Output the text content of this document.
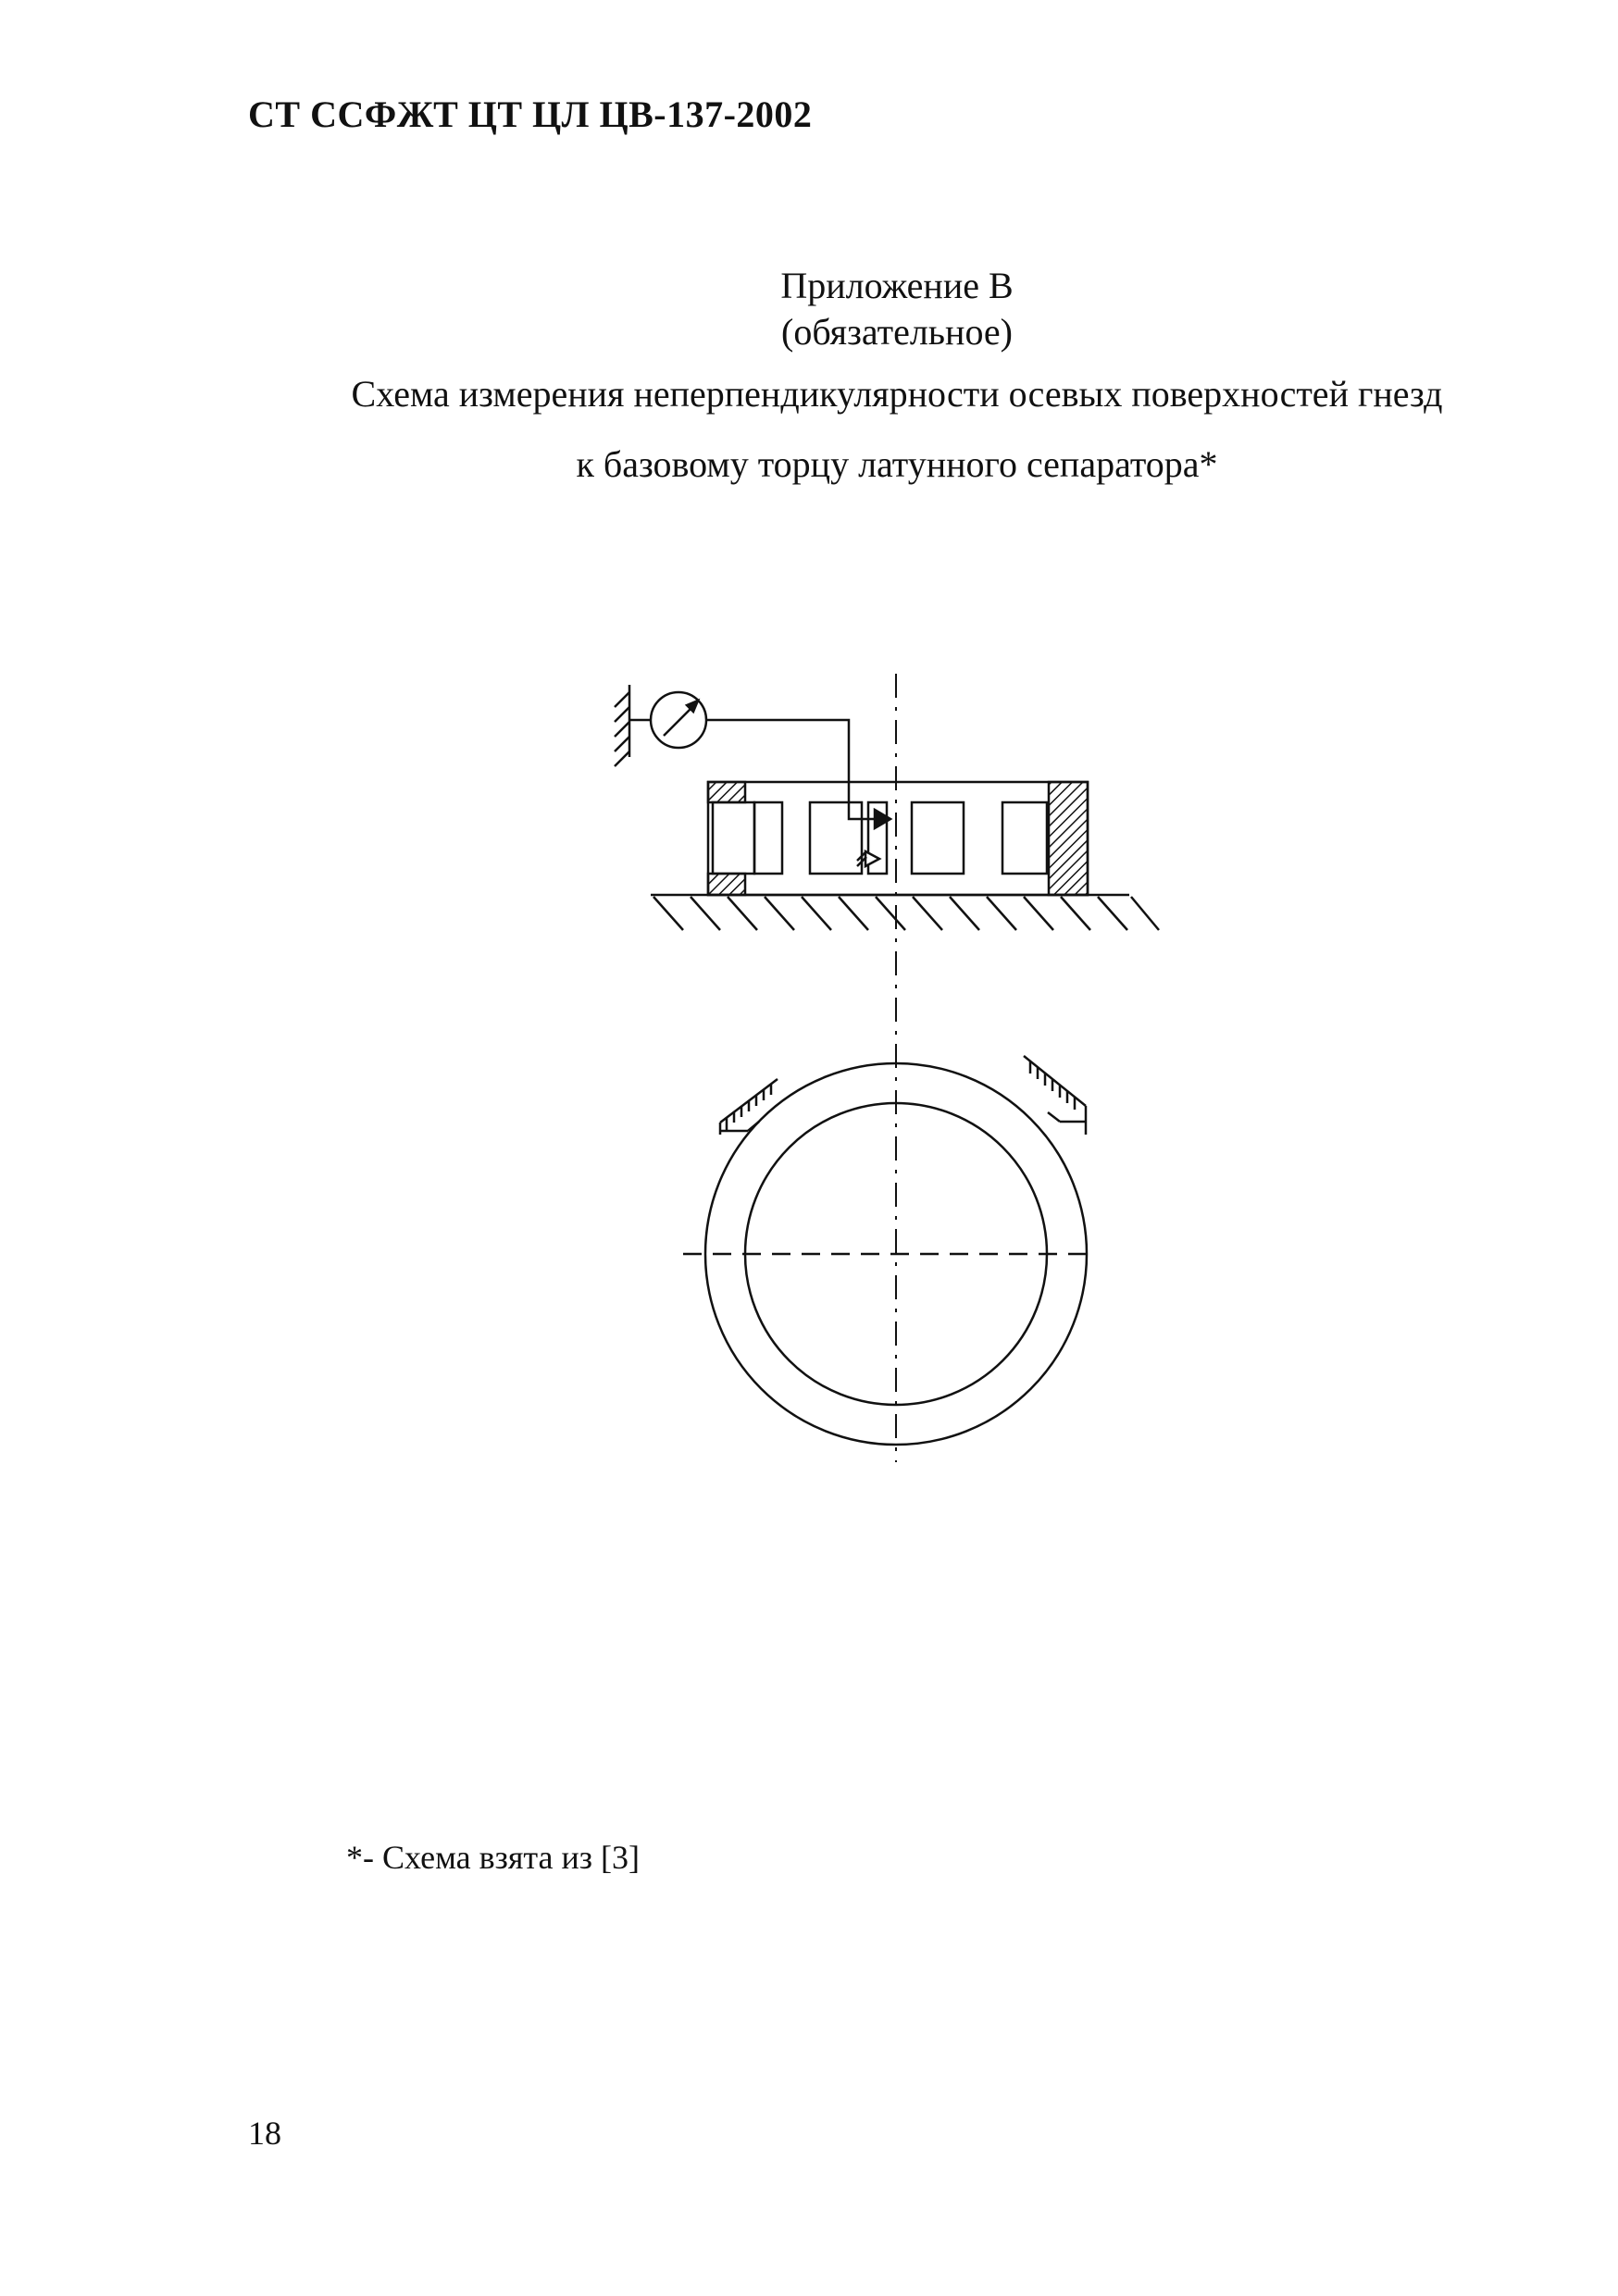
СТ ССФЖТ ЦТ ЦЛ ЦВ-137-2002
Приложение В
(обязательное)
Схема измерения неперпендикулярности осевых поверхностей гнезд
к базовому торцу латунного сепаратора*
*- Схема взята из [3]
18
